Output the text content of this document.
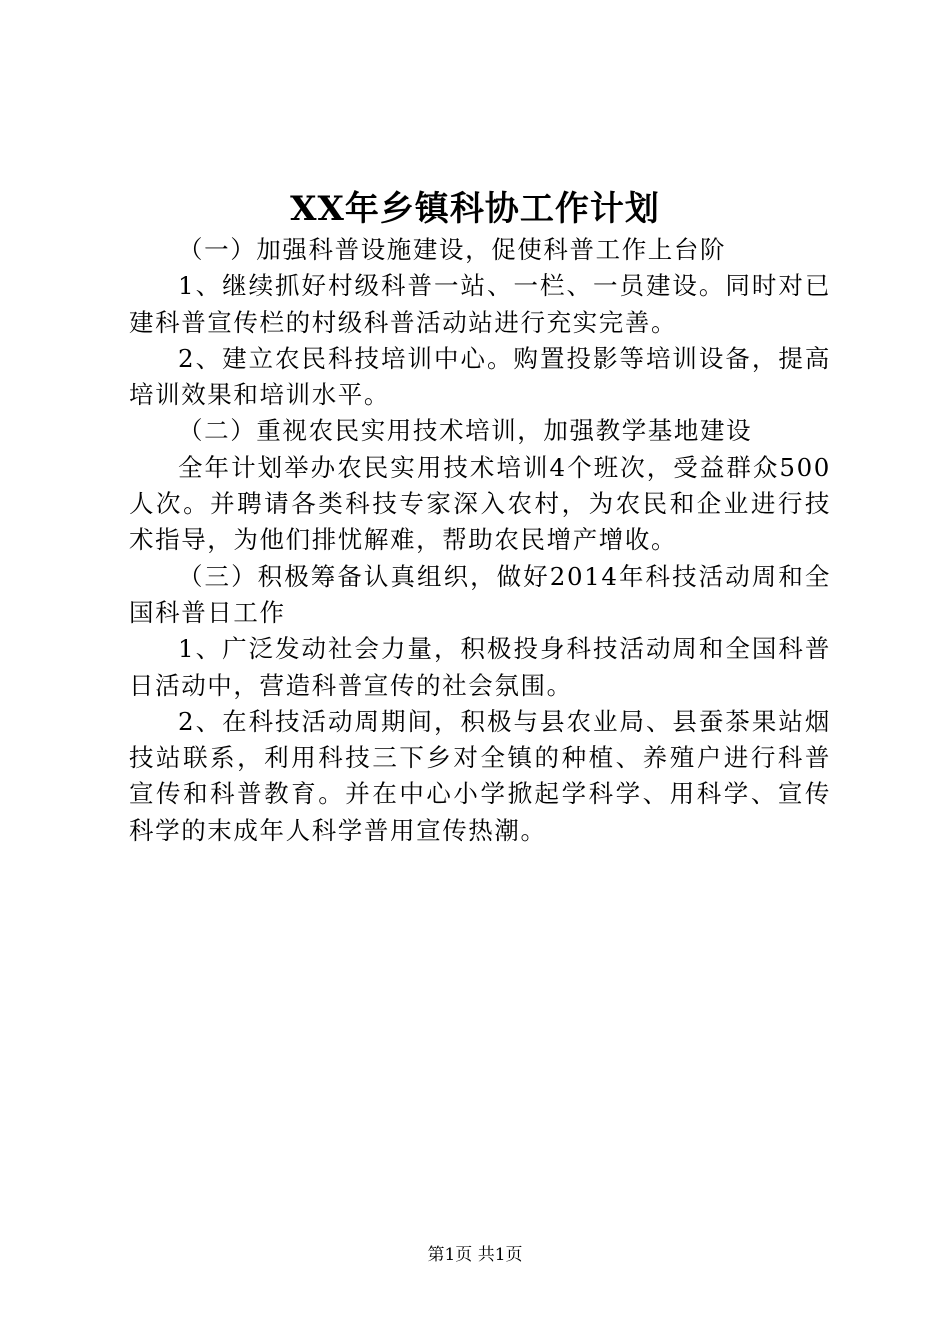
XX年乡镇科协工作计划

（一）加强科普设施建设，促使科普工作上台阶

1、继续抓好村级科普一站、一栏、一员建设。同时对已建科普宣传栏的村级科普活动站进行充实完善。

2、建立农民科技培训中心。购置投影等培训设备，提高培训效果和培训水平。

（二）重视农民实用技术培训，加强教学基地建设

全年计划举办农民实用技术培训4个班次，受益群众500人次。并聘请各类科技专家深入农村，为农民和企业进行技术指导，为他们排忧解难，帮助农民增产增收。

（三）积极筹备认真组织，做好2014年科技活动周和全国科普日工作

1、广泛发动社会力量，积极投身科技活动周和全国科普日活动中，营造科普宣传的社会氛围。

2、在科技活动周期间，积极与县农业局、县蚕茶果站烟技站联系，利用科技三下乡对全镇的种植、养殖户进行科普宣传和科普教育。并在中心小学掀起学科学、用科学、宣传科学的末成年人科学普用宣传热潮。

第1页 共1页
